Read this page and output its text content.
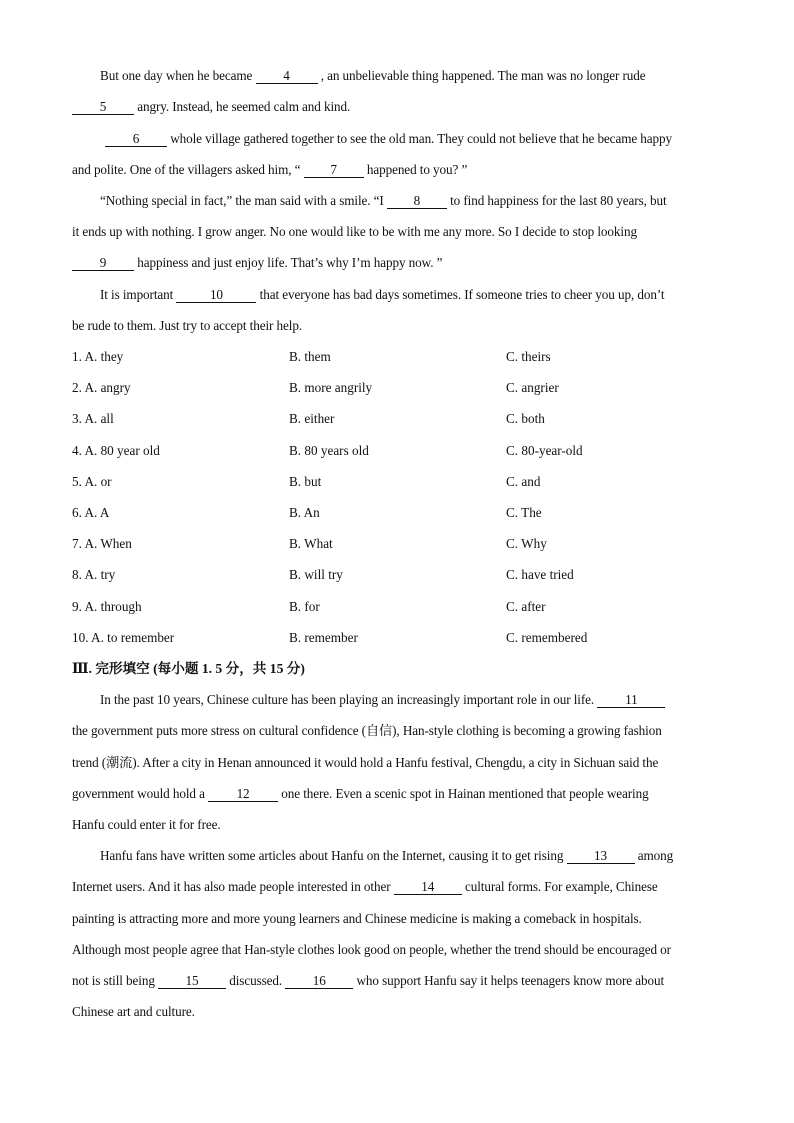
But one day when he became 4 , an unbelievable thing happened. The man was no longer rude
5 angry. Instead, he seemed calm and kind.
6 whole village gathered together to see the old man. They could not believe that he became happy
and polite. One of the villagers asked him, “ 7 happened to you? ”
“Nothing special in fact,” the man said with a smile. “I 8 to find happiness for the last 80 years, but
it ends up with nothing. I grow anger. No one would like to be with me any more. So I decide to stop looking
9 happiness and just enjoy life. That’s why I’m happy now. ”
It is important	10	that everyone has bad days sometimes. If someone tries to cheer you up, don’t
be rude to them. Just try to accept their help.
1. A. they	B. them	C. theirs
2. A. angry	B. more angrily	C. angrier
3. A. all	B. either	C. both
4. A. 80 year old	B. 80 years old	C. 80-year-old
5. A. or	B. but	C. and
6. A. A	B. An	C. The
7. A. When	B. What	C. Why
8. A. try	B. will try	C. have tried
9. A. through	B. for	C. after
10. A. to remember	B. remember	C. remembered
Ⅲ. 完形填空 (每小题 1. 5 分，共 15 分)
In the past 10 years, Chinese culture has been playing an increasingly important role in our life. 11
the government puts more stress on cultural confidence (自信), Han-style clothing is becoming a growing fashion
trend (潮流). After a city in Henan announced it would hold a Hanfu festival, Chengdu, a city in Sichuan said the
government would hold a 12 one there. Even a scenic spot in Hainan mentioned that people wearing
Hanfu could enter it for free.
Hanfu fans have written some articles about Hanfu on the Internet, causing it to get rising 13 among
Internet users. And it has also made people interested in other 14 cultural forms. For example, Chinese
painting is attracting more and more young learners and Chinese medicine is making a comeback in hospitals.
Although most people agree that Han-style clothes look good on people, whether the trend should be encouraged or
not is still being 15 discussed. 16 who support Hanfu say it helps teenagers know more about
Chinese art and culture.
